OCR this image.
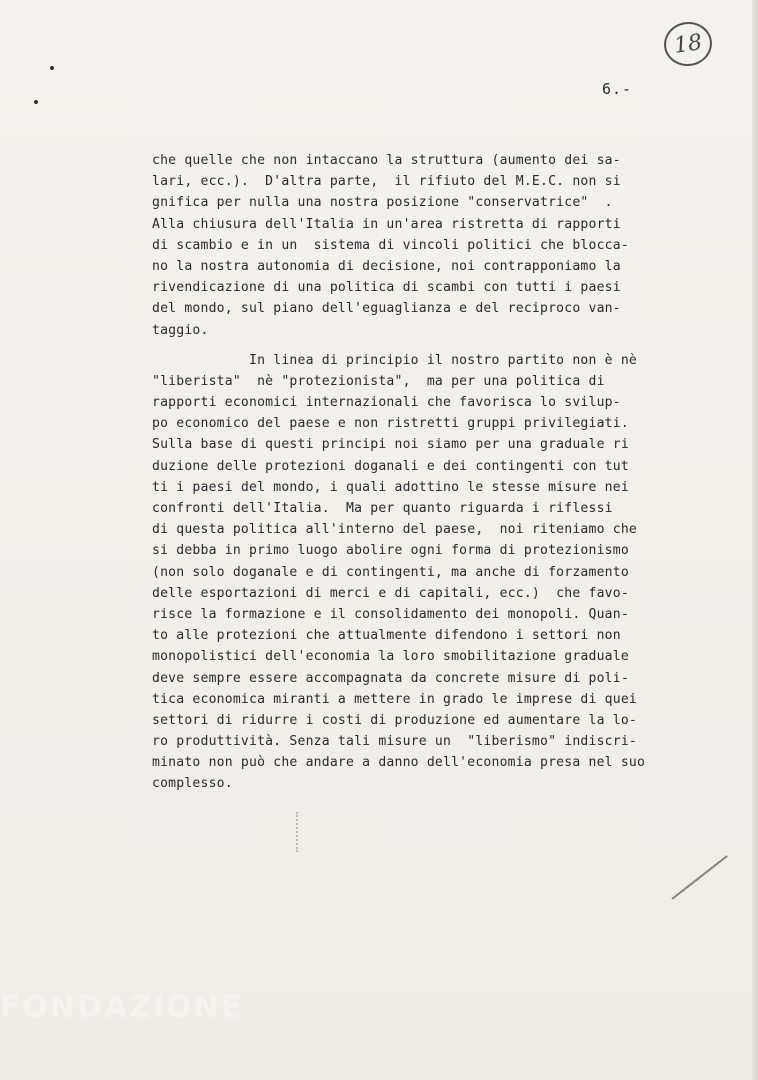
18
6.-
che quelle che non intaccano la struttura (aumento dei sa-
lari, ecc.).  D'altra parte,  il rifiuto del M.E.C. non si
gnifica per nulla una nostra posizione "conservatrice"  .
Alla chiusura dell'Italia in un'area ristretta di rapporti
di scambio e in un  sistema di vincoli politici che blocca-
no la nostra autonomia di decisione, noi contrapponiamo la
rivendicazione di una politica di scambi con tutti i paesi
del mondo, sul piano dell'eguaglianza e del reciproco van-
taggio.
In linea di principio il nostro partito non è nè
"liberista"  nè "protezionista",  ma per una politica di
rapporti economici internazionali che favorisca lo svilup-
po economico del paese e non ristretti gruppi privilegiati.
Sulla base di questi principi noi siamo per una graduale ri
duzione delle protezioni doganali e dei contingenti con tut
ti i paesi del mondo, i quali adottino le stesse misure nei
confronti dell'Italia.  Ma per quanto riguarda i riflessi
di questa politica all'interno del paese,  noi riteniamo che
si debba in primo luogo abolire ogni forma di protezionismo
(non solo doganale e di contingenti, ma anche di forzamento
delle esportazioni di merci e di capitali, ecc.)  che favo-
risce la formazione e il consolidamento dei monopoli. Quan-
to alle protezioni che attualmente difendono i settori non
monopolistici dell'economia la loro smobilitazione graduale
deve sempre essere accompagnata da concrete misure di poli-
tica economica miranti a mettere in grado le imprese di quei
settori di ridurre i costi di produzione ed aumentare la lo-
ro produttività. Senza tali misure un  "liberismo" indiscri-
minato non può che andare a danno dell'economia presa nel suo
complesso.
FONDAZIONE
